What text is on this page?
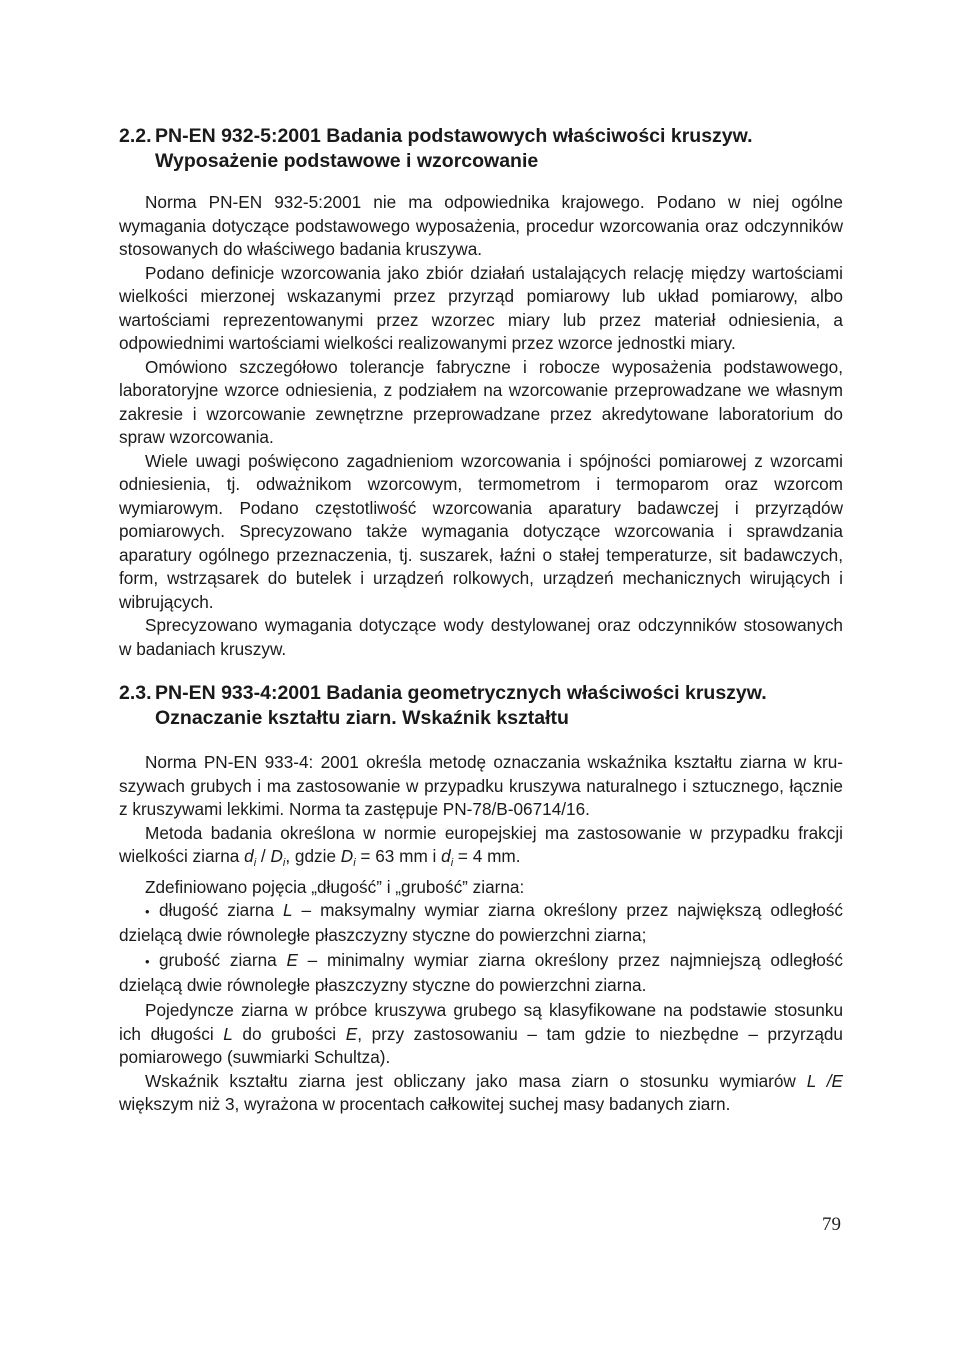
2.2. PN-EN 932-5:2001 Badania podstawowych właściwości kruszyw.
Wyposażenie podstawowe i wzorcowanie

Norma PN-EN 932-5:2001 nie ma odpowiednika krajowego. Podano w niej ogólne wymagania dotyczące podstawowego wyposażenia, procedur wzorcowania oraz odczynników stosowanych do właściwego badania kruszywa.

Podano definicje wzorcowania jako zbiór działań ustalających relację między wartościami wielkości mierzonej wskazanymi przez przyrząd pomiarowy lub układ pomiarowy, albo wartościami reprezentowanymi przez wzorzec miary lub przez materiał odniesienia, a odpowiednimi wartościami wielkości realizowanymi przez wzorce jednostki miary.

Omówiono szczegółowo tolerancje fabryczne i robocze wyposażenia podstawowego, laboratoryjne wzorce odniesienia, z podziałem na wzorcowanie przeprowadzane we własnym zakresie i wzorcowanie zewnętrzne przeprowadzane przez akredytowane laboratorium do spraw wzorcowania.

Wiele uwagi poświęcono zagadnieniom wzorcowania i spójności pomiarowej z wzorcami odniesienia, tj. odważnikom wzorcowym, termometrom i termoparom oraz wzorcom wymiarowym. Podano częstotliwość wzorcowania aparatury badawczej i przyrządów pomiarowych. Sprecyzowano także wymagania dotyczące wzorcowania i sprawdzania aparatury ogólnego przeznaczenia, tj. suszarek, łaźni o stałej temperaturze, sit badawczych, form, wstrząsarek do butelek i urządzeń rolkowych, urządzeń mechanicznych wirujących i wibrujących.

Sprecyzowano wymagania dotyczące wody destylowanej oraz odczynników stosowanych w badaniach kruszyw.

2.3. PN-EN 933-4:2001 Badania geometrycznych właściwości kruszyw.
Oznaczanie kształtu ziarn. Wskaźnik kształtu

Norma PN-EN 933-4: 2001 określa metodę oznaczania wskaźnika kształtu ziarna w kruszywach grubych i ma zastosowanie w przypadku kruszywa naturalnego i sztucznego, łącznie z kruszywami lekkimi. Norma ta zastępuje PN-78/B-06714/16.

Metoda badania określona w normie europejskiej ma zastosowanie w przypadku frakcji wielkości ziarna $d_i / D_i$, gdzie $D_i = 63$ mm i $d_i = 4$ mm.

Zdefiniowano pojęcia „długość” i „grubość” ziarna:

• długość ziarna L – maksymalny wymiar ziarna określony przez największą odległość dzielącą dwie równoległe płaszczyzny styczne do powierzchni ziarna;
• grubość ziarna E – minimalny wymiar ziarna określony przez najmniejszą odległość dzielącą dwie równoległe płaszczyzny styczne do powierzchni ziarna.

Pojedyncze ziarna w próbce kruszywa grubego są klasyfikowane na podstawie stosunku ich długości L do grubości E, przy zastosowaniu – tam gdzie to niezbędne – przyrządu pomiarowego (suwmiarki Schultza).

Wskaźnik kształtu ziarna jest obliczany jako masa ziarn o stosunku wymiarów L /E większym niż 3, wyrażona w procentach całkowitej suchej masy badanych ziarn.

79
